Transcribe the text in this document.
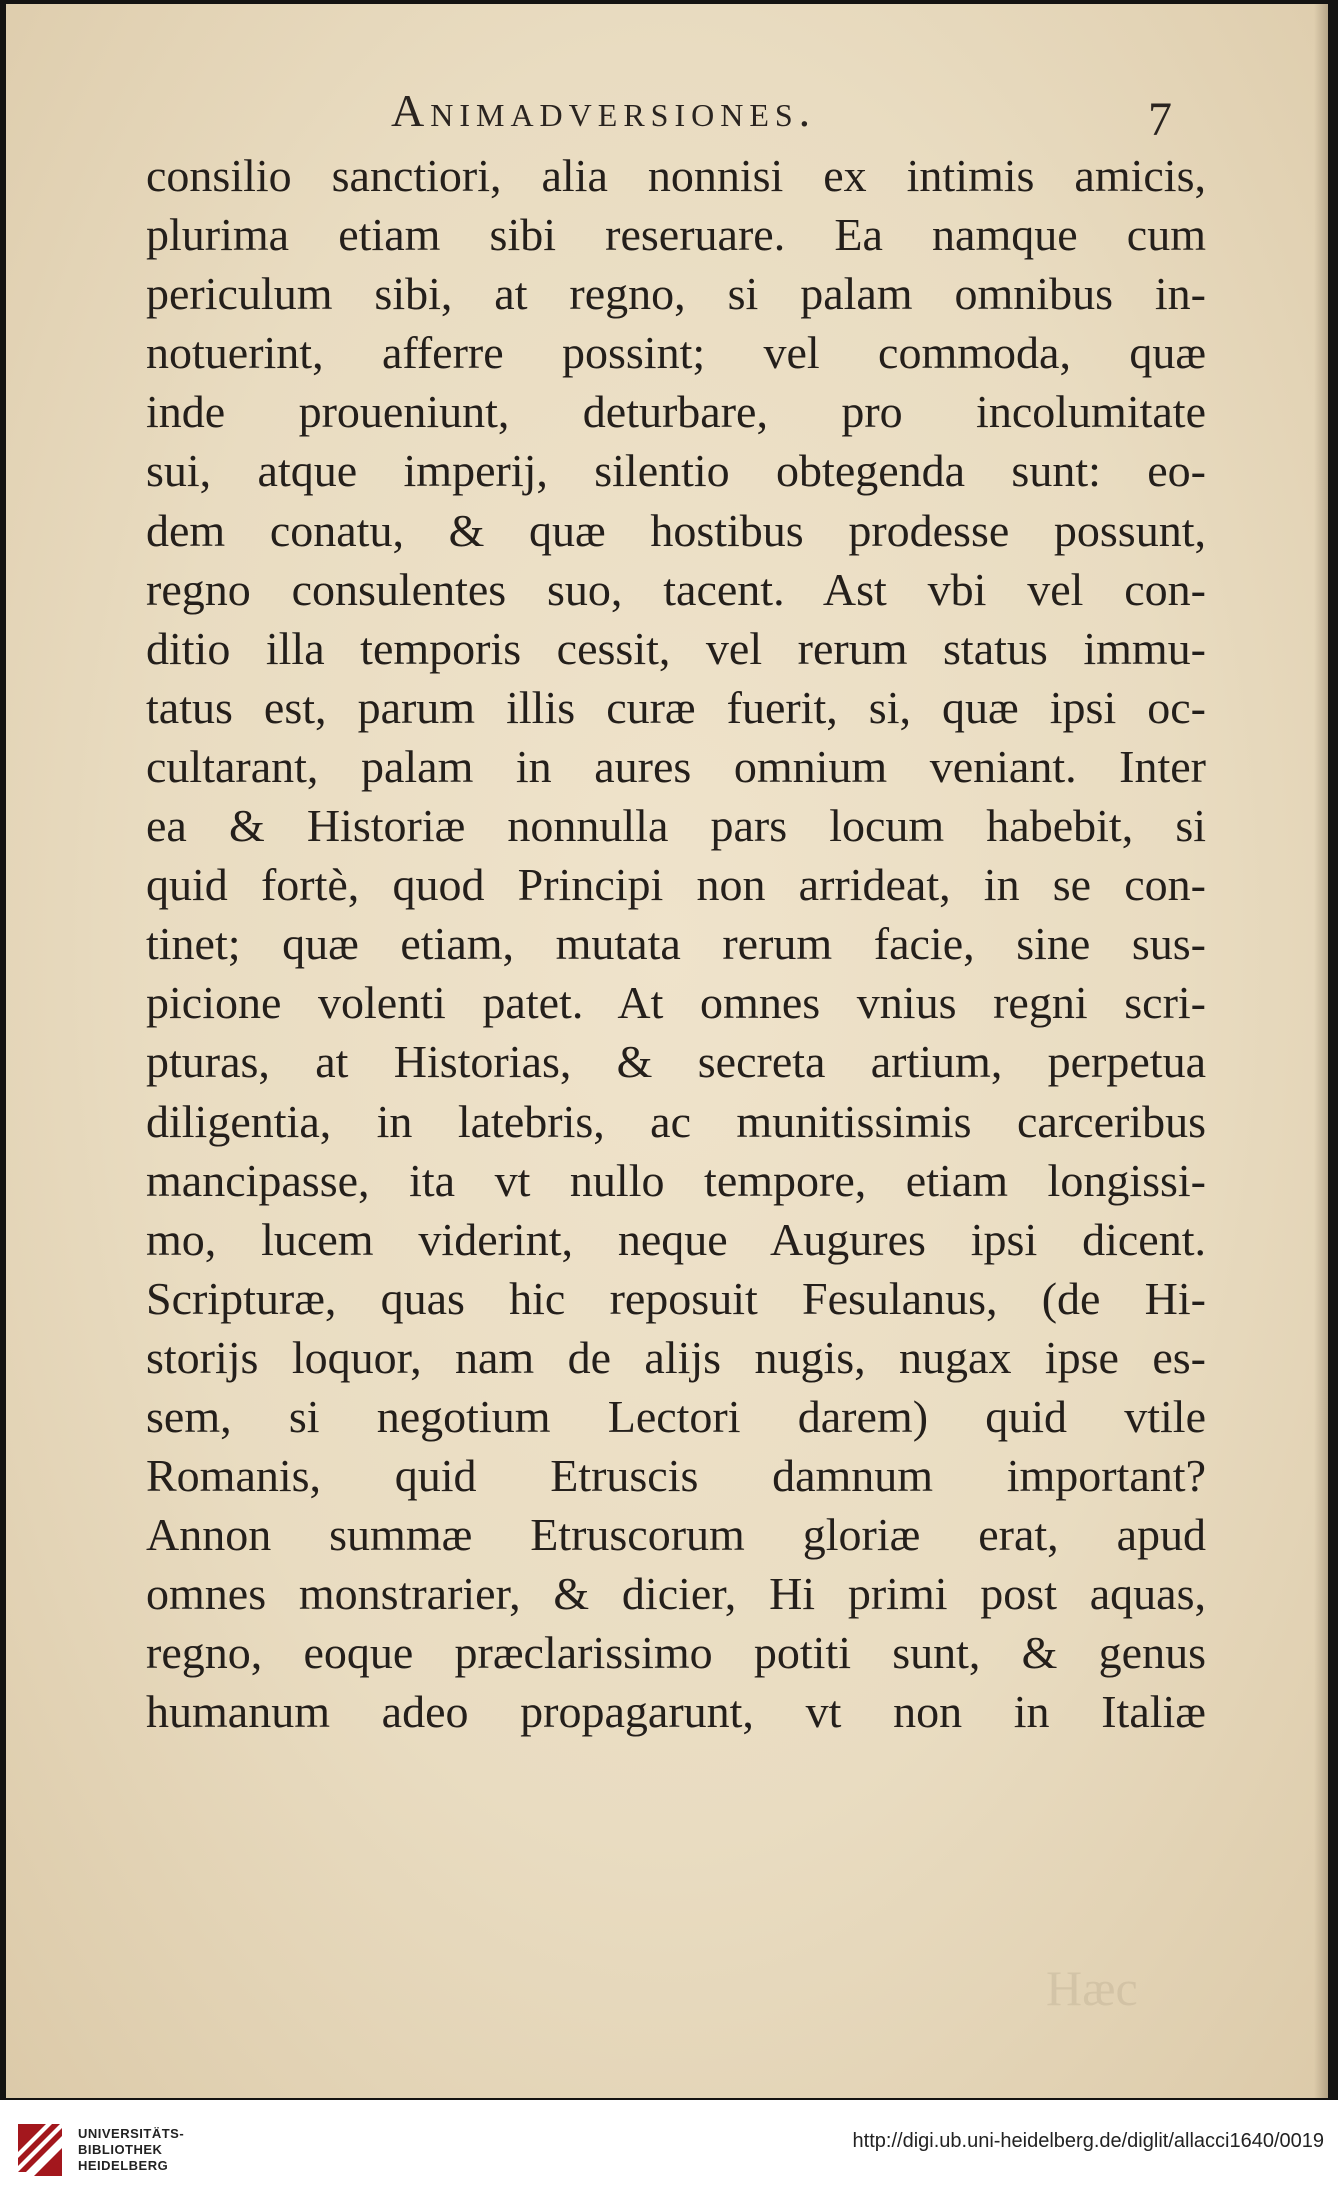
Animadversiones.	7
Hæc
consilio sanctiori, alia nonnisi ex intimis amicis,
plurima etiam sibi reseruare. Ea namque cum
periculum sibi, at regno, si palam omnibus in-
notuerint, afferre possint; vel commoda, quæ
inde proueniunt, deturbare, pro incolumitate
sui, atque imperij, silentio obtegenda sunt: eo-
dem conatu, & quæ hostibus prodesse possunt,
regno consulentes suo, tacent. Ast vbi vel con-
ditio illa temporis cessit, vel rerum status immu-
tatus est, parum illis curæ fuerit, si, quæ ipsi oc-
cultarant, palam in aures omnium veniant. Inter
ea & Historiæ nonnulla pars locum habebit, si
quid fortè, quod Principi non arrideat, in se con-
tinet; quæ etiam, mutata rerum facie, sine sus-
picione volenti patet. At omnes vnius regni scri-
pturas, at Historias, & secreta artium, perpetua
diligentia, in latebris, ac munitissimis carceribus
mancipasse, ita vt nullo tempore, etiam longissi-
mo, lucem viderint, neque Augures ipsi dicent.
Scripturæ, quas hic reposuit Fesulanus, (de Hi-
storijs loquor, nam de alijs nugis, nugax ipse es-
sem, si negotium Lectori darem) quid vtile
Romanis, quid Etruscis damnum important?
Annon summæ Etruscorum gloriæ erat, apud
omnes monstrarier, & dicier, Hi primi post aquas,
regno, eoque præclarissimo potiti sunt, & genus
humanum adeo propagarunt, vt non in Italiæ
UNIVERSITÄTS-
BIBLIOTHEK
HEIDELBERG
http://digi.ub.uni-heidelberg.de/diglit/allacci1640/0019
